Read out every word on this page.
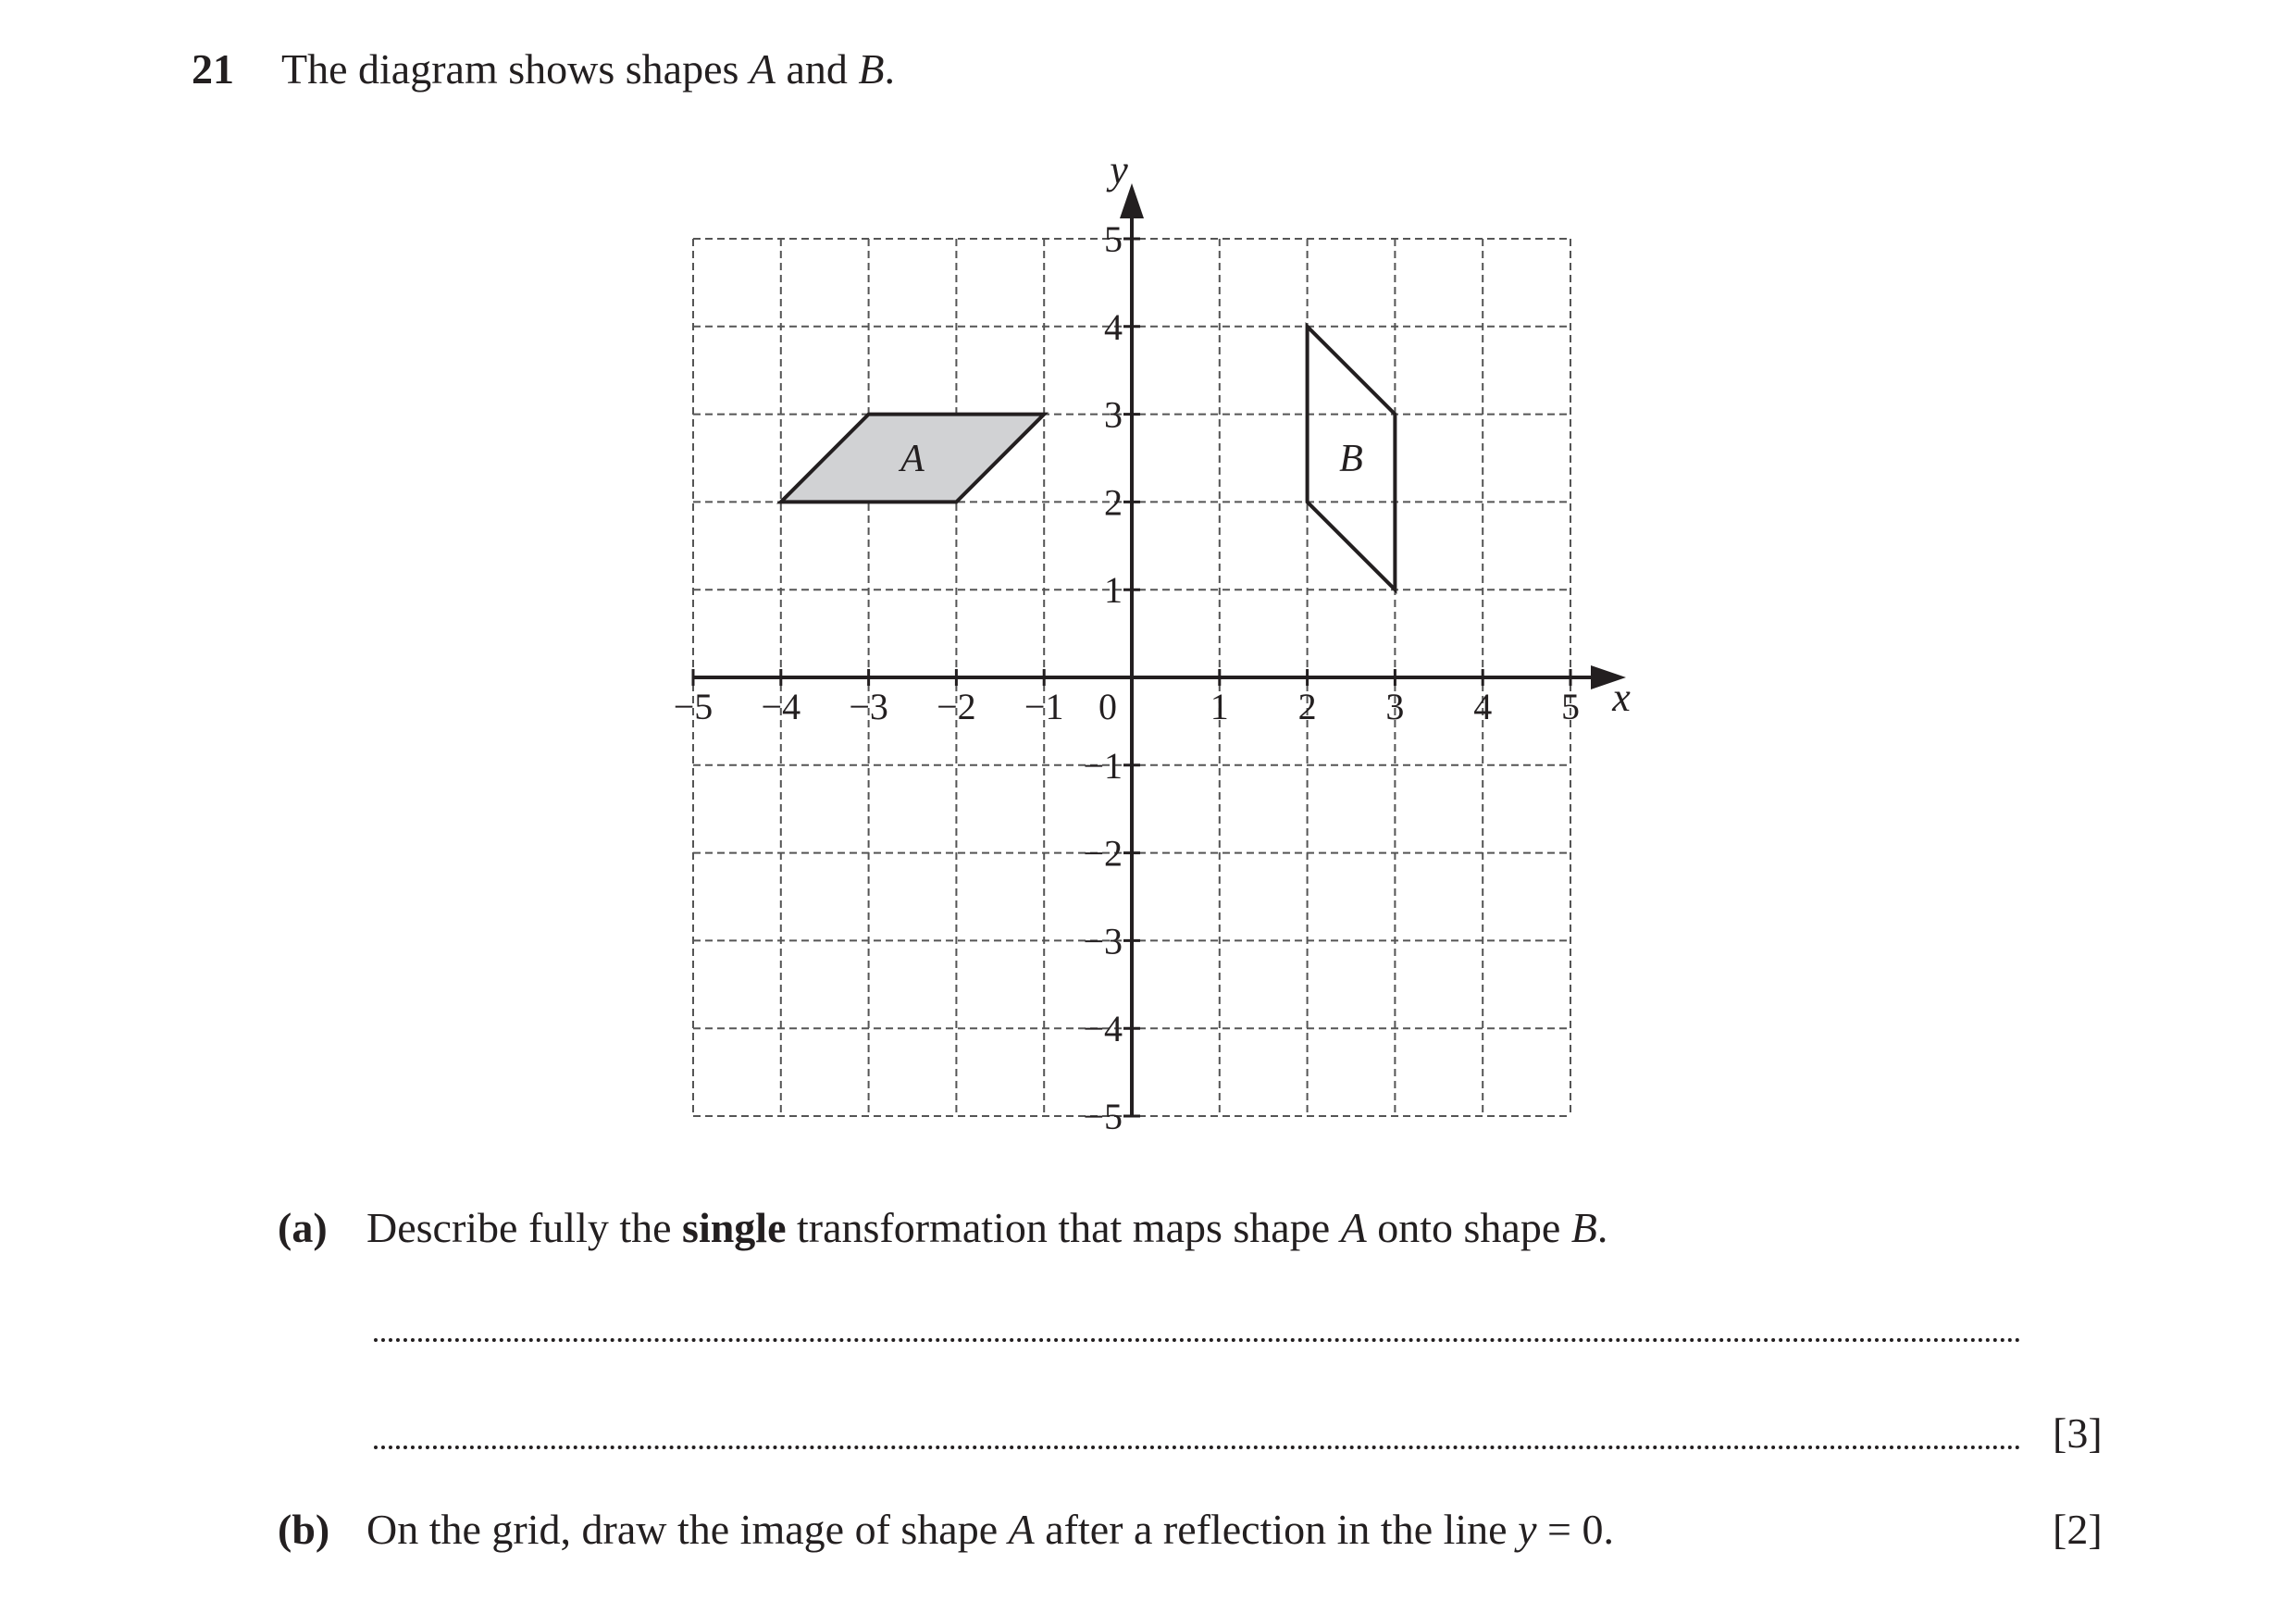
21 The diagram shows shapes A and B.
A	B
−5 −4 −3 −2 −1	1 2 3 4 5
5
4
3
2
1
−1
−2
−3
−4
−5
0	x
y
(a) Describe fully the single transformation that maps shape A onto shape B.
[3]
(b) On the grid, draw the image of shape A after a reflection in the line y = 0.	[2]
